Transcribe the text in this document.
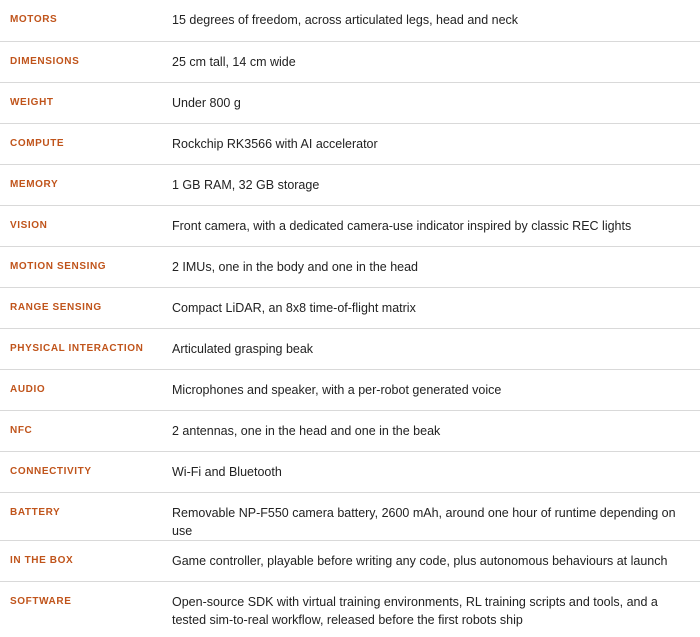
MOTORS	15 degrees of freedom, across articulated legs, head and neck
DIMENSIONS	25 cm tall, 14 cm wide
WEIGHT	Under 800 g
COMPUTE	Rockchip RK3566 with AI accelerator
MEMORY	1 GB RAM, 32 GB storage
VISION	Front camera, with a dedicated camera-use indicator inspired by classic REC lights
MOTION SENSING	2 IMUs, one in the body and one in the head
RANGE SENSING	Compact LiDAR, an 8x8 time-of-flight matrix
PHYSICAL INTERACTION	Articulated grasping beak
AUDIO	Microphones and speaker, with a per-robot generated voice
NFC	2 antennas, one in the head and one in the beak
CONNECTIVITY	Wi-Fi and Bluetooth
BATTERY	Removable NP-F550 camera battery, 2600 mAh, around one hour of runtime depending on use
IN THE BOX	Game controller, playable before writing any code, plus autonomous behaviours at launch
SOFTWARE	Open-source SDK with virtual training environments, RL training scripts and tools, and a tested sim-to-real workflow, released before the first robots ship
